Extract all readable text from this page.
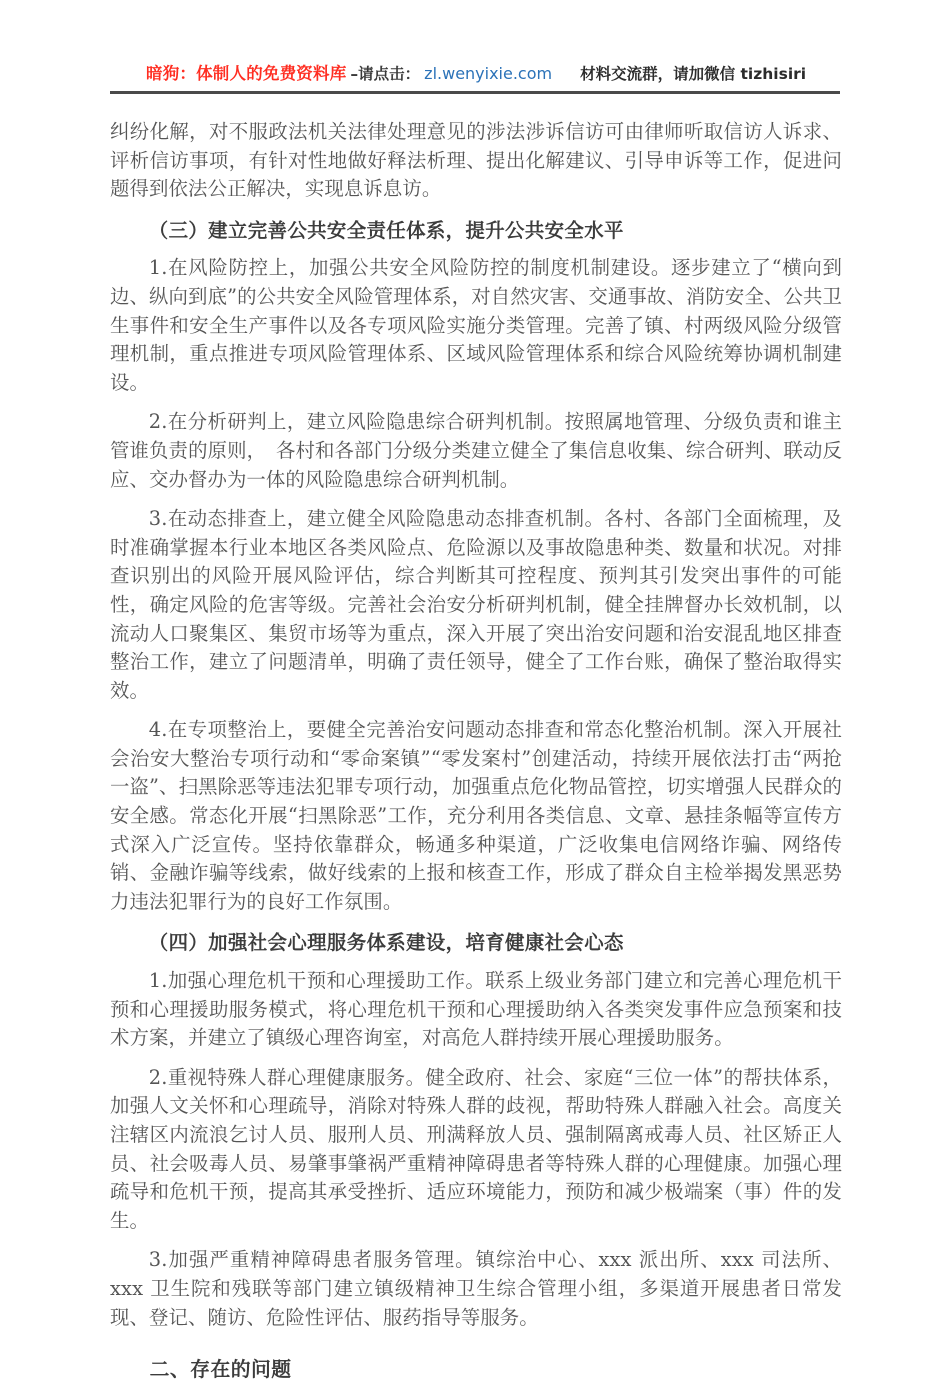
暗狗：体制人的免费资料库 –请点击： zl.wenyixie.com 材料交流群，请加微信 tizhisiri

纠纷化解，对不服政法机关法律处理意见的涉法涉诉信访可由律师听取信访人诉求、评析信访事项，有针对性地做好释法析理、提出化解建议、引导申诉等工作，促进问题得到依法公正解决，实现息诉息访。

（三）建立完善公共安全责任体系，提升公共安全水平

1.在风险防控上，加强公共安全风险防控的制度机制建设。逐步建立了“横向到边、纵向到底”的公共安全风险管理体系，对自然灾害、交通事故、消防安全、公共卫生事件和安全生产事件以及各专项风险实施分类管理。完善了镇、村两级风险分级管理机制，重点推进专项风险管理体系、区域风险管理体系和综合风险统筹协调机制建设。

2.在分析研判上，建立风险隐患综合研判机制。按照属地管理、分级负责和谁主管谁负责的原则，　各村和各部门分级分类建立健全了集信息收集、综合研判、联动反应、交办督办为一体的风险隐患综合研判机制。

3.在动态排查上，建立健全风险隐患动态排查机制。各村、各部门全面梳理，及时准确掌握本行业本地区各类风险点、危险源以及事故隐患种类、数量和状况。对排查识别出的风险开展风险评估，综合判断其可控程度、预判其引发突出事件的可能性，确定风险的危害等级。完善社会治安分析研判机制，健全挂牌督办长效机制，以流动人口聚集区、集贸市场等为重点，深入开展了突出治安问题和治安混乱地区排查整治工作，建立了问题清单，明确了责任领导，健全了工作台账，确保了整治取得实效。

4.在专项整治上，要健全完善治安问题动态排查和常态化整治机制。深入开展社会治安大整治专项行动和“零命案镇”“零发案村”创建活动，持续开展依法打击“两抢一盗”、扫黑除恶等违法犯罪专项行动，加强重点危化物品管控，切实增强人民群众的安全感。常态化开展“扫黑除恶”工作，充分利用各类信息、文章、悬挂条幅等宣传方式深入广泛宣传。坚持依靠群众，畅通多种渠道，广泛收集电信网络诈骗、网络传销、金融诈骗等线索，做好线索的上报和核查工作，形成了群众自主检举揭发黑恶势力违法犯罪行为的良好工作氛围。

（四）加强社会心理服务体系建设，培育健康社会心态

1.加强心理危机干预和心理援助工作。联系上级业务部门建立和完善心理危机干预和心理援助服务模式，将心理危机干预和心理援助纳入各类突发事件应急预案和技术方案，并建立了镇级心理咨询室，对高危人群持续开展心理援助服务。

2.重视特殊人群心理健康服务。健全政府、社会、家庭“三位一体”的帮扶体系，加强人文关怀和心理疏导，消除对特殊人群的歧视，帮助特殊人群融入社会。高度关注辖区内流浪乞讨人员、服刑人员、刑满释放人员、强制隔离戒毒人员、社区矫正人员、社会吸毒人员、易肇事肇祸严重精神障碍患者等特殊人群的心理健康。加强心理疏导和危机干预，提高其承受挫折、适应环境能力，预防和减少极端案（事）件的发生。

3.加强严重精神障碍患者服务管理。镇综治中心、xxx 派出所、xxx 司法所、xxx 卫生院和残联等部门建立镇级精神卫生综合管理小组，多渠道开展患者日常发现、登记、随访、危险性评估、服药指导等服务。

二、存在的问题
